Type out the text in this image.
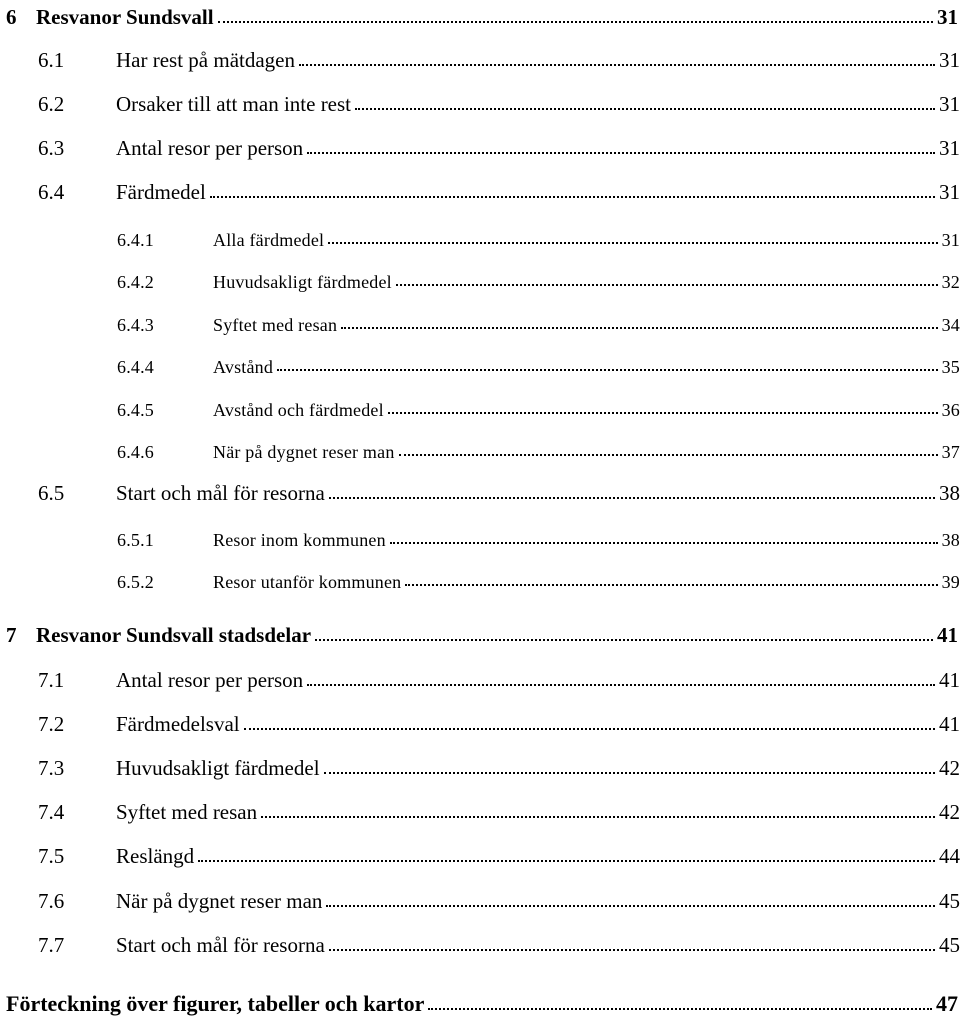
6 Resvanor Sundsvall	31
6.1	Har rest på mätdagen	31
6.2	Orsaker till att man inte rest	31
6.3	Antal resor per person	31
6.4	Färdmedel	31
6.4.1	Alla färdmedel	31
6.4.2	Huvudsakligt färdmedel	32
6.4.3	Syftet med resan	34
6.4.4	Avstånd	35
6.4.5	Avstånd och färdmedel	36
6.4.6	När på dygnet reser man	37
6.5	Start och mål för resorna	38
6.5.1	Resor inom kommunen	38
6.5.2	Resor utanför kommunen	39
7 Resvanor Sundsvall stadsdelar	41
7.1	Antal resor per person	41
7.2	Färdmedelsval	41
7.3	Huvudsakligt färdmedel	42
7.4	Syftet med resan	42
7.5	Reslängd	44
7.6	När på dygnet reser man	45
7.7	Start och mål för resorna	45
Förteckning över figurer, tabeller och kartor	47
